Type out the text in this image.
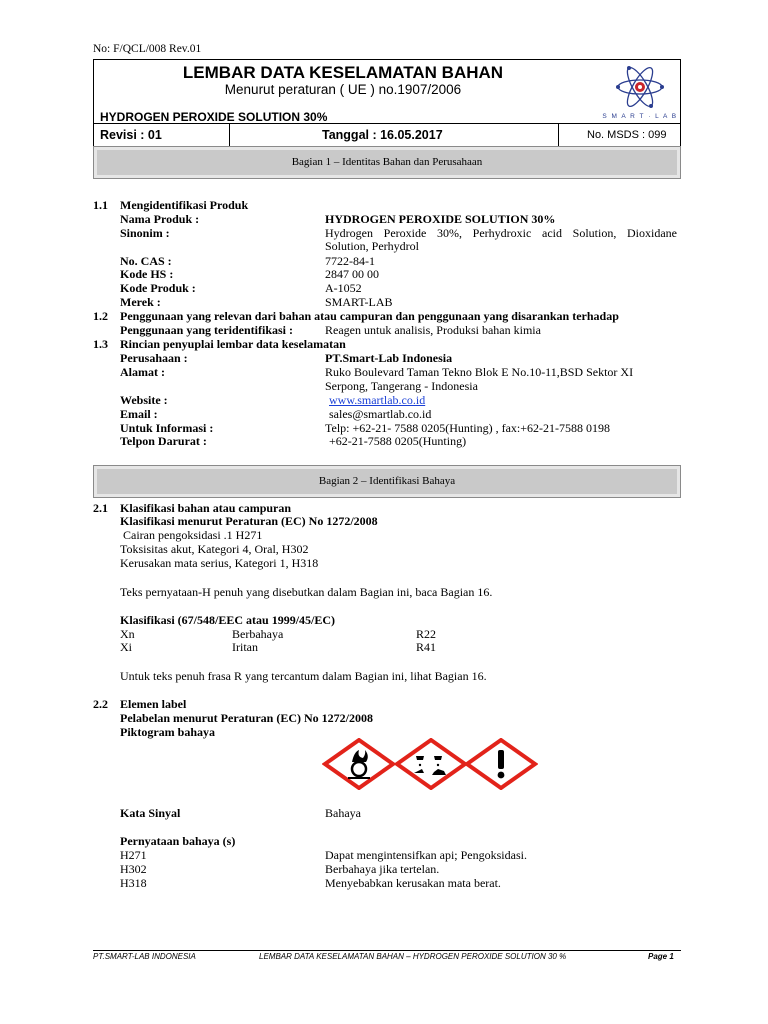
No: F/QCL/008 Rev.01
LEMBAR DATA KESELAMATAN BAHAN
Menurut peraturan ( UE ) no.1907/2006
HYDROGEN PEROXIDE SOLUTION 30%	S M A R T · L A B
Revisi : 01	Tanggal : 16.05.2017	No. MSDS : 099
Bagian 1 – Identitas Bahan dan Perusahaan
1.1 Mengidentifikasi Produk
Nama Produk :	HYDROGEN PEROXIDE SOLUTION 30%
Sinonim :	Hydrogen Peroxide 30%, Perhydroxic acid Solution, Dioxidane Solution, Perhydrol
No. CAS :	7722-84-1
Kode HS :	2847 00 00
Kode Produk :	A-1052
Merek :	SMART-LAB
1.2 Penggunaan yang relevan dari bahan atau campuran dan penggunaan yang disarankan terhadap
Penggunaan yang teridentifikasi :	Reagen untuk analisis, Produksi bahan kimia
1.3 Rincian penyuplai lembar data keselamatan
Perusahaan :	PT.Smart-Lab Indonesia
Alamat :	Ruko Boulevard Taman Tekno Blok E No.10-11,BSD Sektor XI
Serpong, Tangerang - Indonesia
Website :	www.smartlab.co.id
Email :	sales@smartlab.co.id
Untuk Informasi :	Telp: +62-21- 7588 0205(Hunting) , fax:+62-21-7588 0198
Telpon Darurat :	+62-21-7588 0205(Hunting)
Bagian 2 – Identifikasi Bahaya
2.1 Klasifikasi bahan atau campuran
Klasifikasi menurut Peraturan (EC) No 1272/2008
Cairan pengoksidasi .1 H271
Toksisitas akut, Kategori 4, Oral, H302
Kerusakan mata serius, Kategori 1, H318
Teks pernyataan-H penuh yang disebutkan dalam Bagian ini, baca Bagian 16.
Klasifikasi (67/548/EEC atau 1999/45/EC)
Xn	Berbahaya	R22
Xi	Iritan	R41
Untuk teks penuh frasa R yang tercantum dalam Bagian ini, lihat Bagian 16.
2.2 Elemen label
Pelabelan menurut Peraturan (EC) No 1272/2008
Piktogram bahaya
Kata Sinyal	Bahaya
Pernyataan bahaya (s)
H271	Dapat mengintensifkan api; Pengoksidasi.
H302	Berbahaya jika tertelan.
H318	Menyebabkan kerusakan mata berat.
PT.SMART-LAB INDONESIA	LEMBAR DATA KESELAMATAN BAHAN – HYDROGEN PEROXIDE SOLUTION 30 %	Page 1
